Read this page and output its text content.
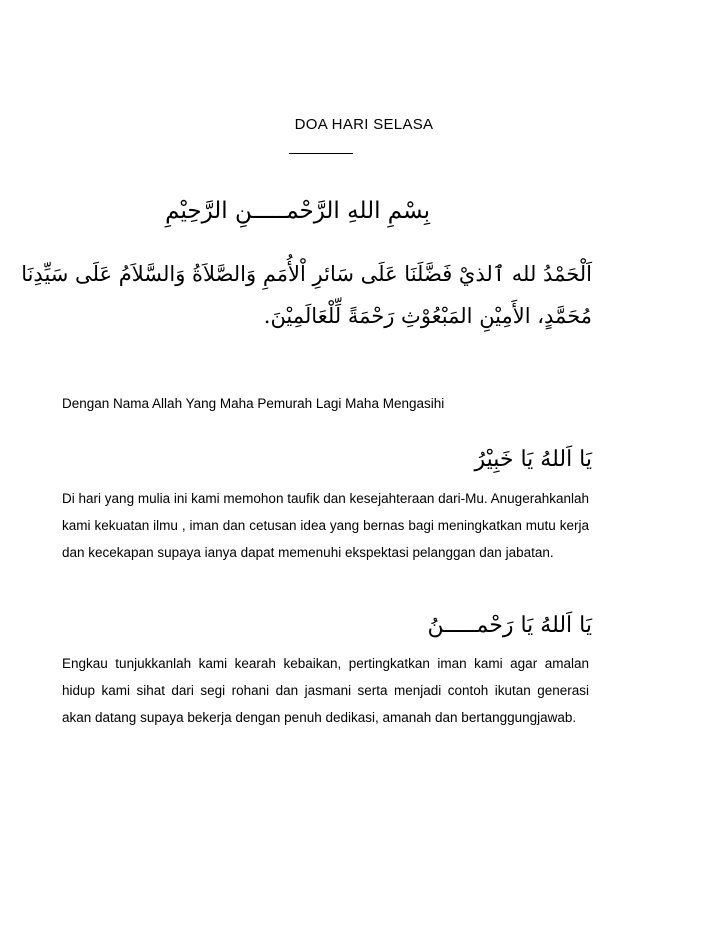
DOA HARI SELASA
بِسْمِ اللهِ الرَّحْمـــــنِ الرَّحِيْمِ
اَلْحَمْدُ لله ٱلذيْ فَضَّلَنَا عَلَى سَائرِ اْلأُمَمِ وَالصَّلاَةُ وَالسَّلاَمُ عَلَى سَيِّدِنَا
مُحَمَّدٍ، الأَمِيْنِ المَبْعُوْثِ رَحْمَةً لِّلْعَالَمِيْنَ.
Dengan Nama Allah Yang Maha Pemurah Lagi Maha Mengasihi
يَا اَللهُ يَا خَبِيْرُ
Di hari yang mulia ini kami memohon taufik dan kesejahteraan dari-Mu. Anugerahkanlah kami kekuatan ilmu , iman dan cetusan idea yang bernas bagi meningkatkan mutu kerja dan kecekapan supaya ianya dapat memenuhi ekspektasi pelanggan dan jabatan.
يَا اَللهُ يَا رَحْمـــــنُ
Engkau tunjukkanlah kami kearah kebaikan, pertingkatkan iman kami agar amalan hidup kami sihat dari segi rohani dan jasmani serta menjadi contoh ikutan generasi akan datang supaya bekerja dengan penuh dedikasi, amanah dan bertanggungjawab.
